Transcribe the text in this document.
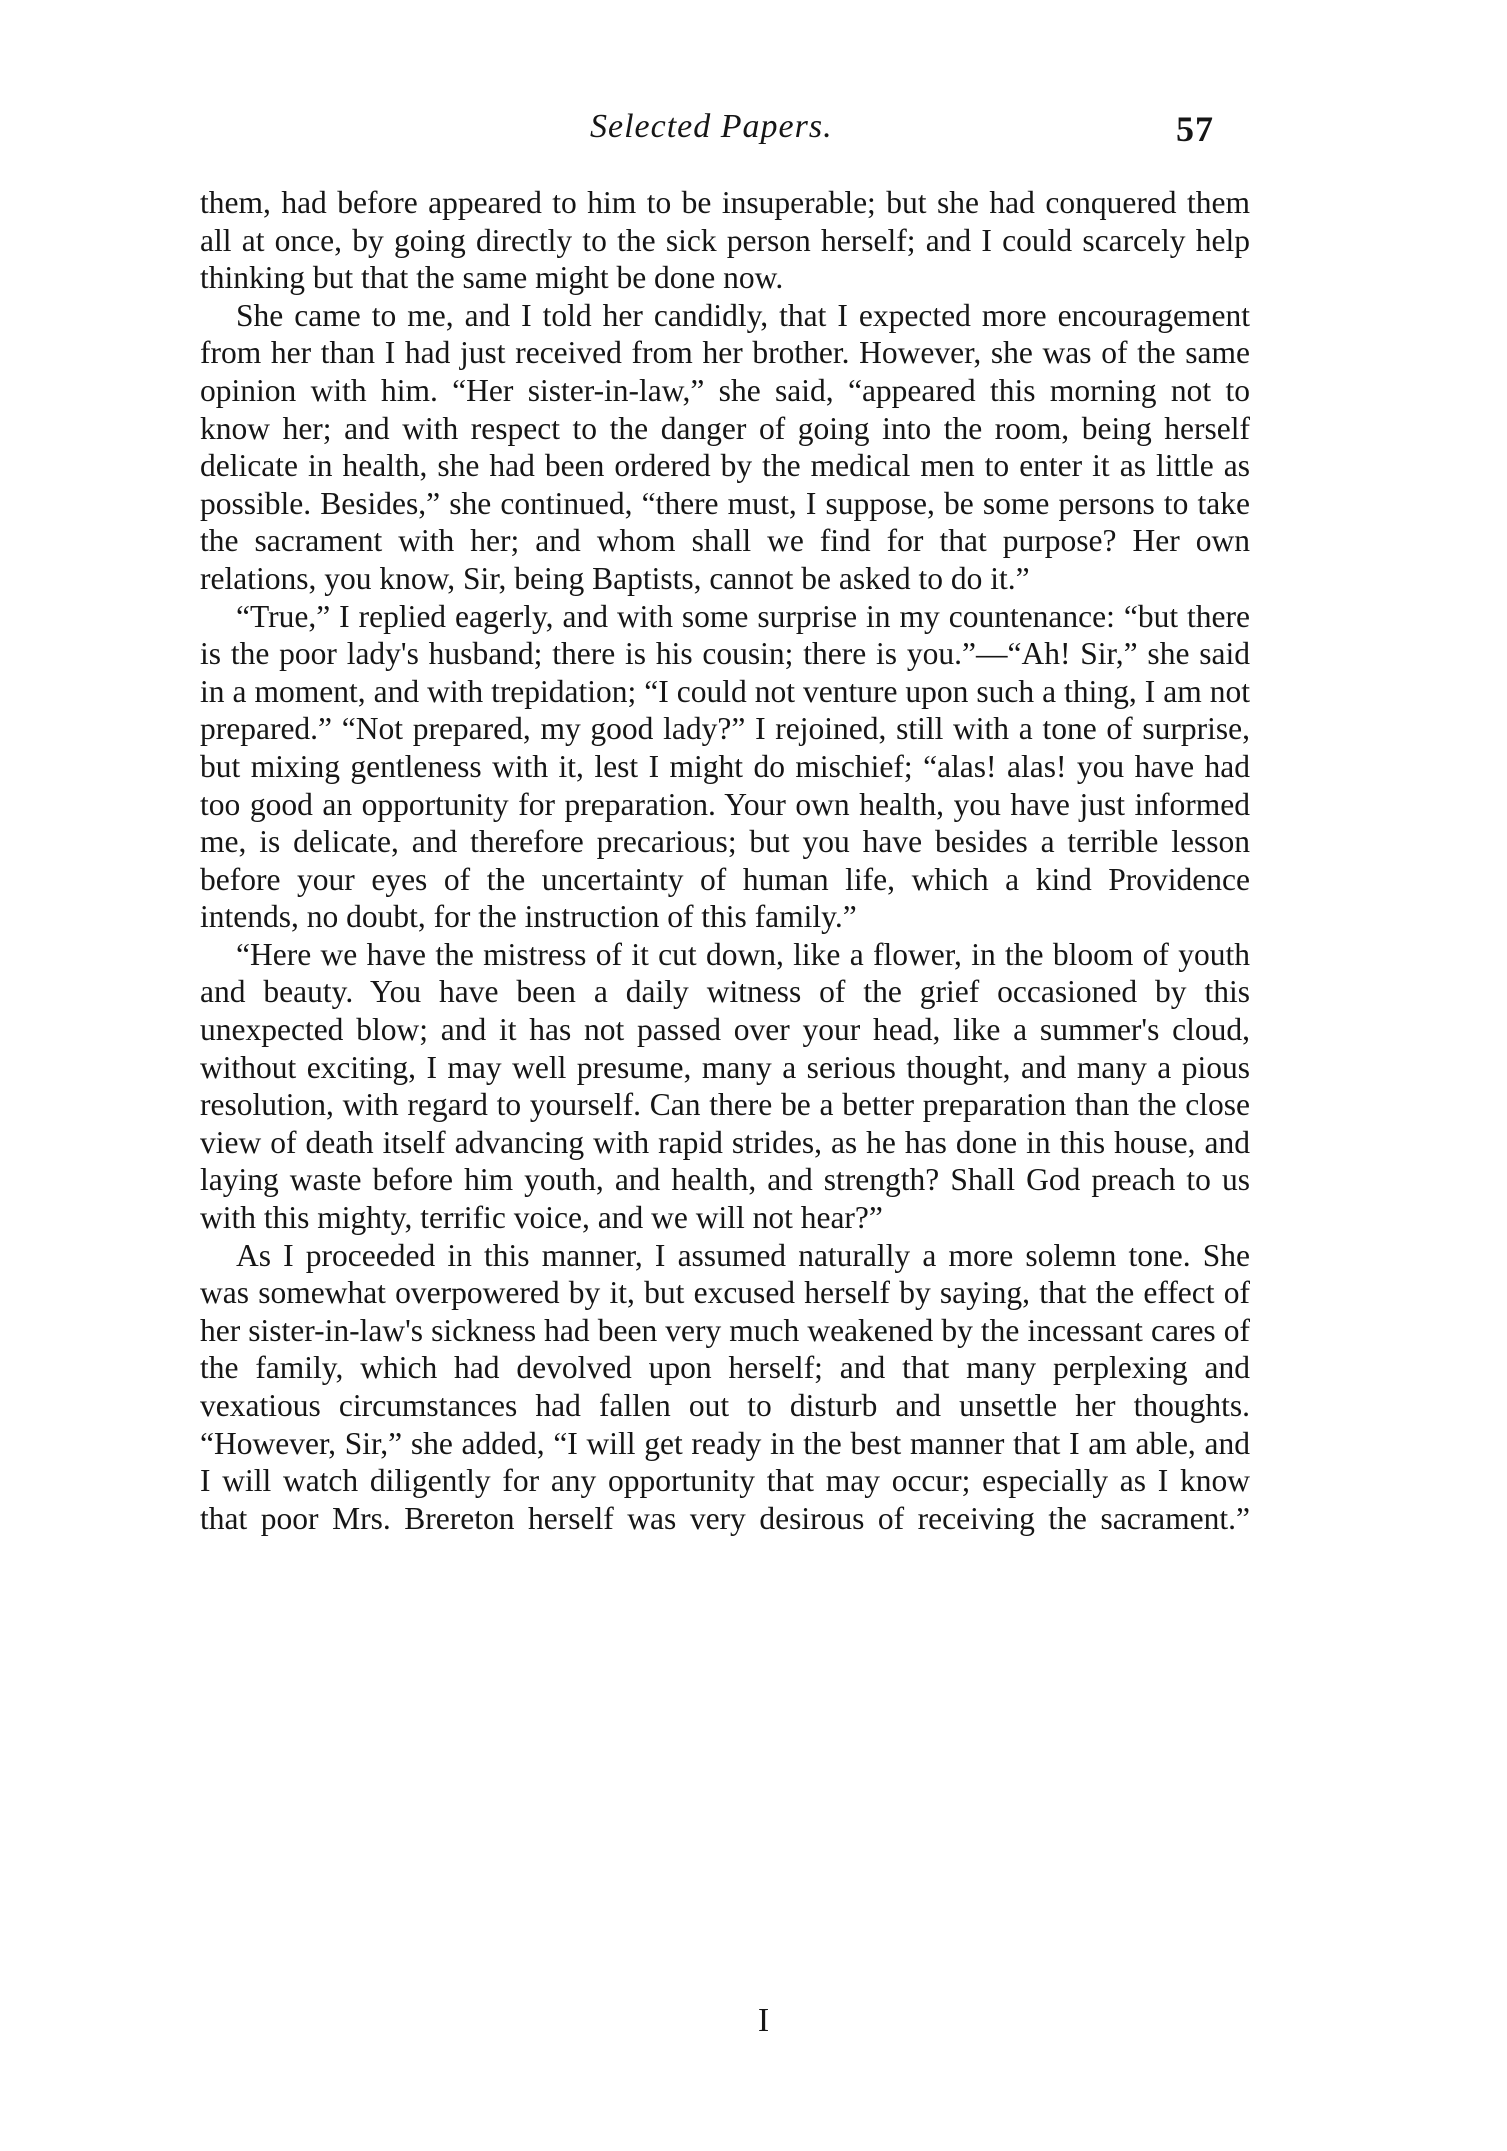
Selected Papers.	57

them, had before appeared to him to be insuperable; but she had conquered them all at once, by going directly to the sick person herself; and I could scarcely help thinking but that the same might be done now.

She came to me, and I told her candidly, that I expected more encouragement from her than I had just received from her brother. However, she was of the same opinion with him. “Her sister-in-law,” she said, “appeared this morning not to know her; and with respect to the danger of going into the room, being herself delicate in health, she had been ordered by the medical men to enter it as little as possible. Besides,” she continued, “there must, I suppose, be some persons to take the sacrament with her; and whom shall we find for that purpose? Her own relations, you know, Sir, being Baptists, cannot be asked to do it.”

“True,” I replied eagerly, and with some surprise in my countenance: “but there is the poor lady's husband; there is his cousin; there is you.”—“Ah! Sir,” she said in a moment, and with trepidation; “I could not venture upon such a thing, I am not prepared.” “Not prepared, my good lady?” I rejoined, still with a tone of surprise, but mixing gentleness with it, lest I might do mischief; “alas! alas! you have had too good an opportunity for preparation. Your own health, you have just informed me, is delicate, and therefore precarious; but you have besides a terrible lesson before your eyes of the uncertainty of human life, which a kind Providence intends, no doubt, for the instruction of this family.”

“Here we have the mistress of it cut down, like a flower, in the bloom of youth and beauty. You have been a daily witness of the grief occasioned by this unexpected blow; and it has not passed over your head, like a summer's cloud, without exciting, I may well presume, many a serious thought, and many a pious resolution, with regard to yourself. Can there be a better preparation than the close view of death itself advancing with rapid strides, as he has done in this house, and laying waste before him youth, and health, and strength? Shall God preach to us with this mighty, terrific voice, and we will not hear?”

As I proceeded in this manner, I assumed naturally a more solemn tone. She was somewhat overpowered by it, but excused herself by saying, that the effect of her sister-in-law's sickness had been very much weakened by the incessant cares of the family, which had devolved upon herself; and that many perplexing and vexatious circumstances had fallen out to disturb and unsettle her thoughts. “However, Sir,” she added, “I will get ready in the best manner that I am able, and I will watch diligently for any opportunity that may occur; especially as I know that poor Mrs. Brereton herself was very desirous of receiving the sacrament.”

I
